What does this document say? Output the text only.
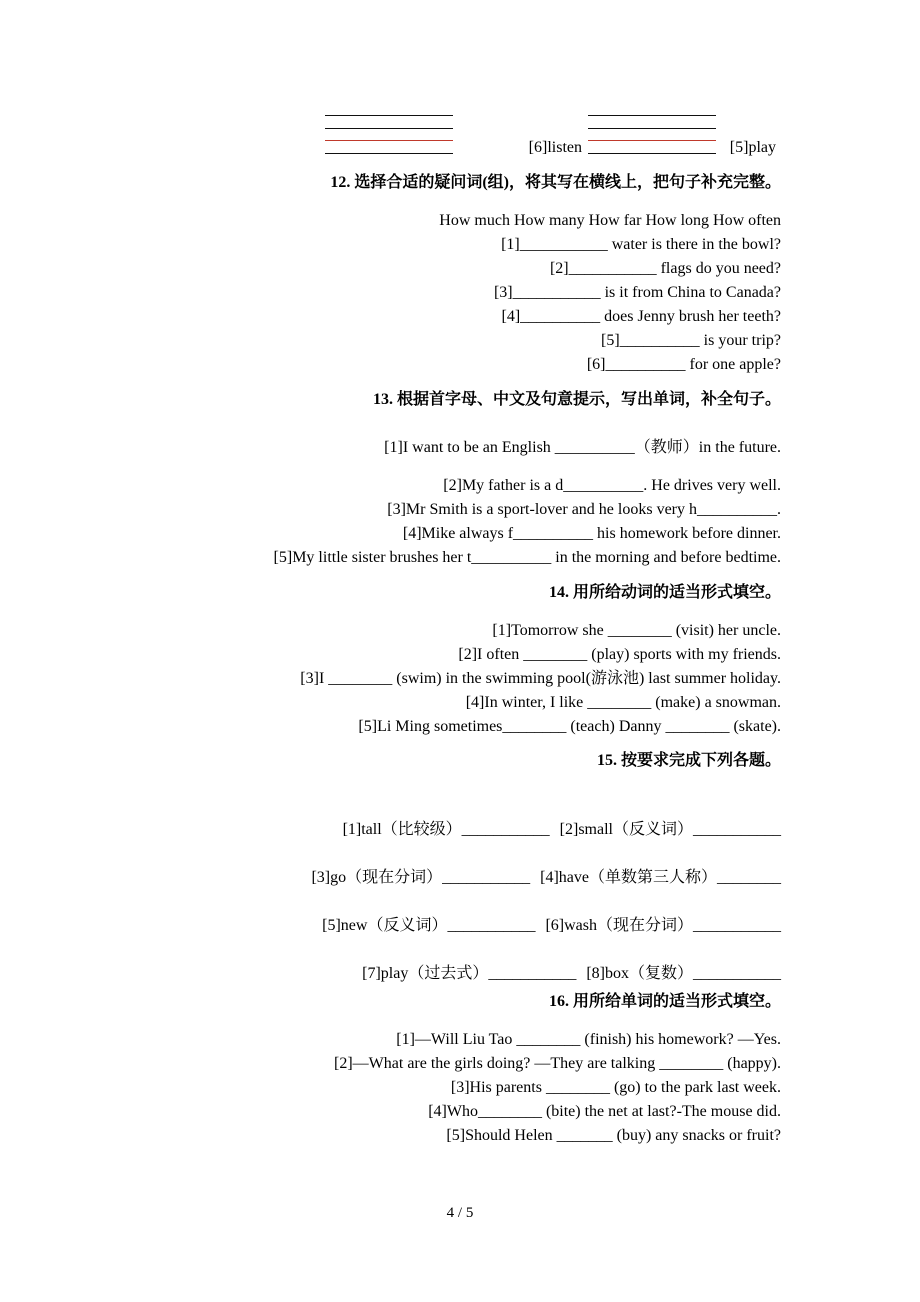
[6]listen	[5]play
12. 选择合适的疑问词(组)，将其写在横线上，把句子补充完整。
How much How many How far How long How often
[1]___________ water is there in the bowl?
[2]___________ flags do you need?
[3]___________ is it from China to Canada?
[4]__________ does Jenny brush her teeth?
[5]__________ is your trip?
[6]__________ for one apple?
13. 根据首字母、中文及句意提示，写出单词，补全句子。
[1]I want to be an English __________（教师）in the future.
[2]My father is a d__________. He drives very well.
[3]Mr Smith is a sport-lover and he looks very h__________.
[4]Mike always f__________ his homework before dinner.
[5]My little sister brushes her t__________ in the morning and before bedtime.
14. 用所给动词的适当形式填空。
[1]Tomorrow she ________ (visit) her uncle.
[2]I often ________ (play) sports with my friends.
[3]I ________ (swim) in the swimming pool(游泳池) last summer holiday.
[4]In winter, I like ________ (make) a snowman.
[5]Li Ming sometimes________ (teach) Danny ________ (skate).
15. 按要求完成下列各题。

[1]tall（比较级）___________ [2]small（反义词）___________

[3]go（现在分词）___________ [4]have（单数第三人称）________

[5]new（反义词）___________ [6]wash（现在分词）___________

[7]play（过去式）___________ [8]box（复数）___________

16. 用所给单词的适当形式填空。
[1]—Will Liu Tao ________ (finish) his homework? —Yes.
[2]—What are the girls doing? —They are talking ________ (happy).
[3]His parents ________ (go) to the park last week.
[4]Who________ (bite) the net at last?-The mouse did.
[5]Should Helen _______ (buy) any snacks or fruit?
4 / 5
